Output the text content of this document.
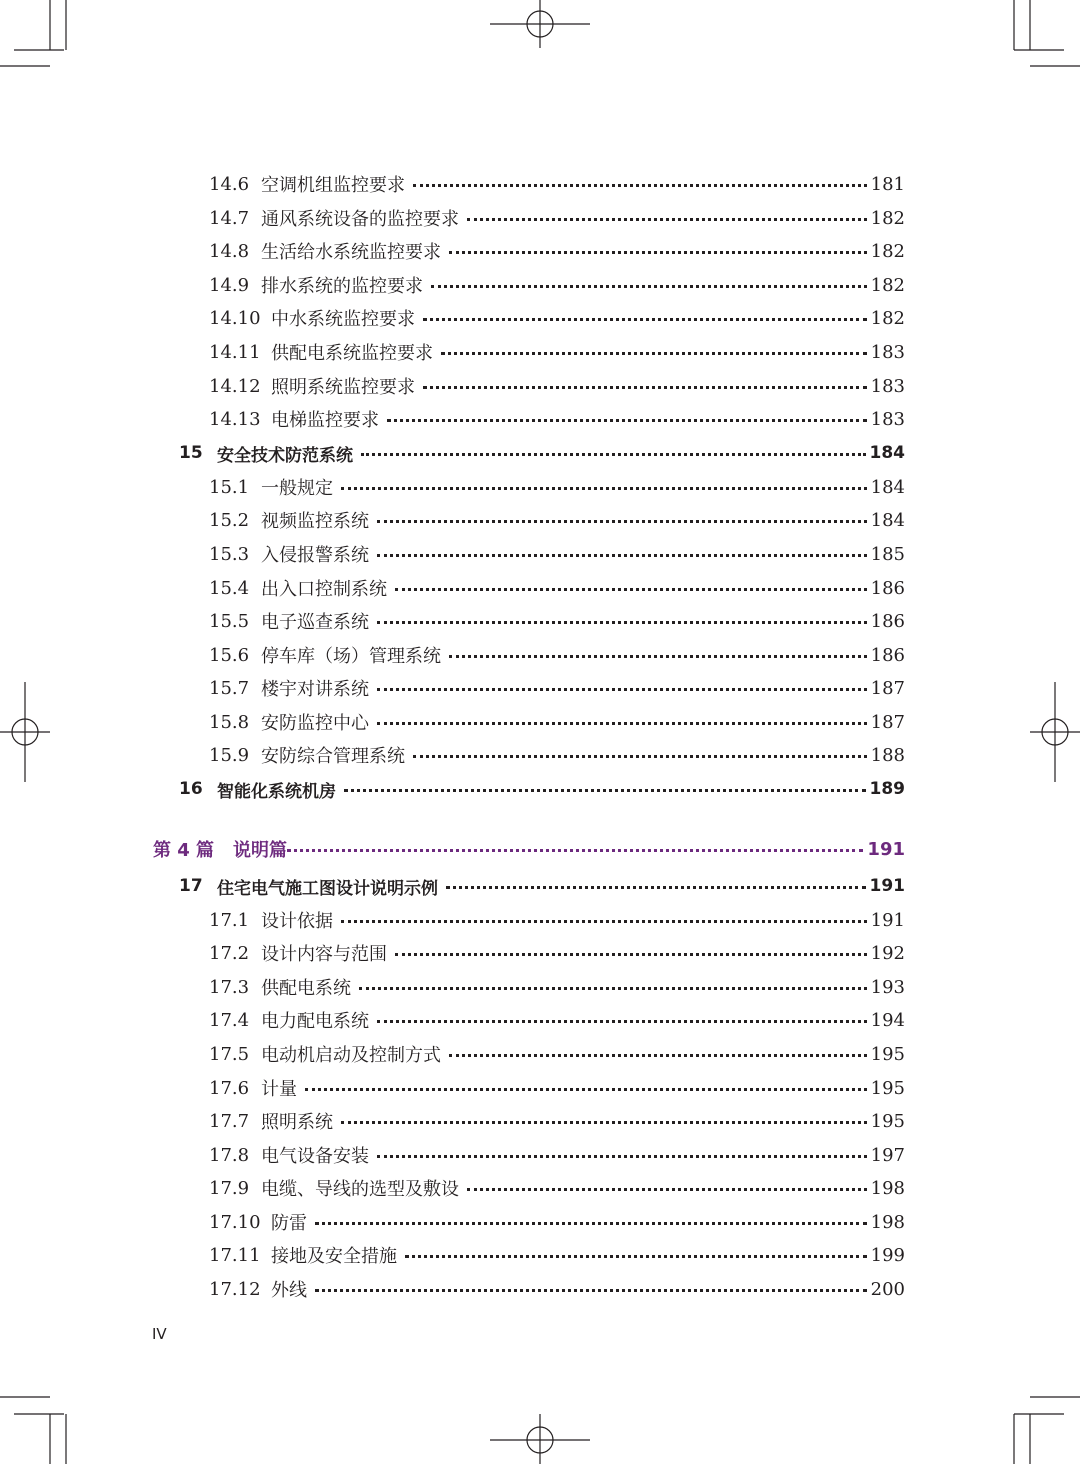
14.6 空调机组监控要求	181
14.7 通风系统设备的监控要求	182
14.8 生活给水系统监控要求	182
14.9 排水系统的监控要求	182
14.10 中水系统监控要求	182
14.11 供配电系统监控要求	183
14.12 照明系统监控要求	183
14.13 电梯监控要求	183
15 安全技术防范系统	184
15.1 一般规定	184
15.2 视频监控系统	184
15.3 入侵报警系统	185
15.4 出入口控制系统	186
15.5 电子巡查系统	186
15.6 停车库（场）管理系统	186
15.7 楼宇对讲系统	187
15.8 安防监控中心	187
15.9 安防综合管理系统	188
16 智能化系统机房	189
第 4 篇	说明篇	191
17 住宅电气施工图设计说明示例	191
17.1 设计依据	191
17.2 设计内容与范围	192
17.3 供配电系统	193
17.4 电力配电系统	194
17.5 电动机启动及控制方式	195
17.6 计量	195
17.7 照明系统	195
17.8 电气设备安装	197
17.9 电缆、导线的选型及敷设	198
17.10 防雷	198
17.11 接地及安全措施	199
17.12 外线	200
IV
